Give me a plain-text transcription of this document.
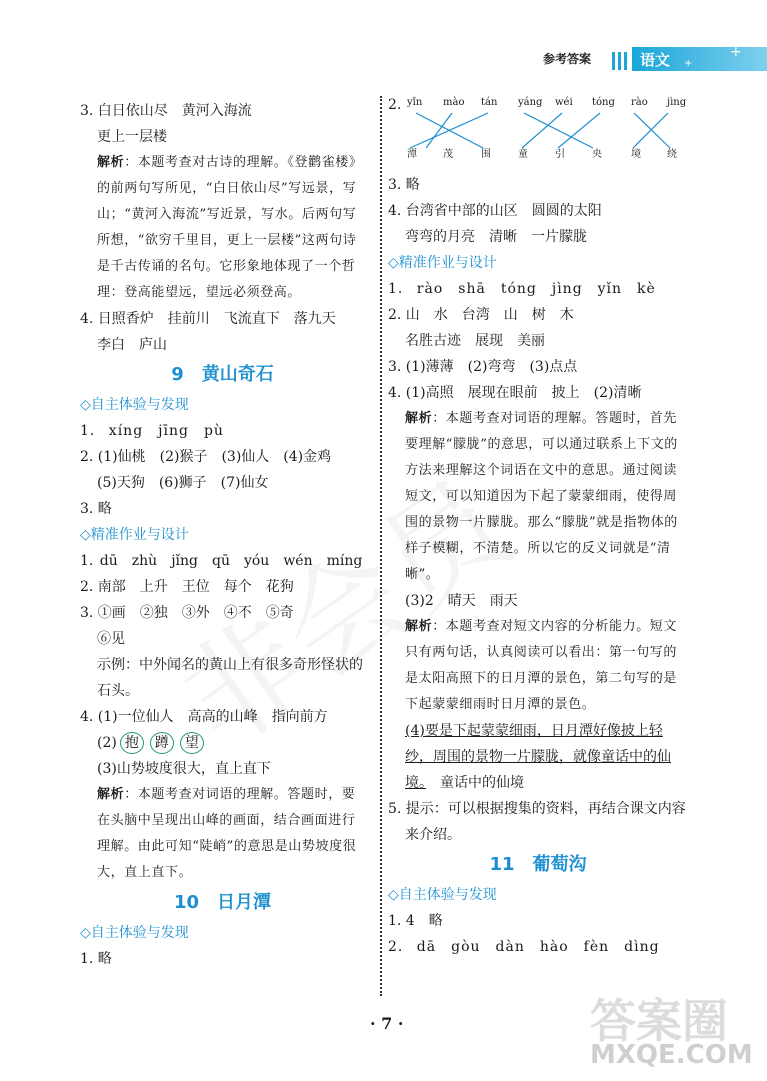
参考答案	语文	+
+
3. 白日依山尽　黄河入海流
更上一层楼
解析：本题考查对古诗的理解。《登鹳雀楼》的前两句写所见，“白日依山尽”写远景，写山；“黄河入海流”写近景，写水。后两句写所想，“欲穷千里目，更上一层楼”这两句诗是千古传诵的名句。它形象地体现了一个哲理：登高能望远，望远必须登高。
4. 日照香炉　挂前川　飞流直下　落九天
李白　庐山
9 黄山奇石
◇自主体验与发现
1. xíng　jīng　pù
2. (1)仙桃　(2)猴子　(3)仙人　(4)金鸡
(5)天狗　(6)狮子　(7)仙女
3. 略
◇精准作业与设计
1. dū　zhù　jǐng　qū　yóu　wén　míng
2. 南部　上升　王位　每个　花狗
3. ①画　②独　③外　④不　⑤奇
⑥见
示例：中外闻名的黄山上有很多奇形怪状的石头。
4. (1)一位仙人　高高的山峰　指向前方
(2) 抱 蹲 望
(3)山势坡度很大，直上直下
解析：本题考查对词语的理解。答题时，要在头脑中呈现出山峰的画面，结合画面进行理解。由此可知“陡峭”的意思是山势坡度很大，直上直下。
10 日月潭
◇自主体验与发现
1. 略
2. yǐn mào tán yáng wéi tóng rào jìng
潭	茂	围	童	引	央	境	绕
3. 略
4. 台湾省中部的山区　圆圆的太阳
弯弯的月亮　清晰　一片朦胧
◇精准作业与设计
1. rào　shā　tóng　jìng　yǐn　kè
2. 山　水　台湾　山　树　木
名胜古迹　展现　美丽
3. (1)薄薄　(2)弯弯　(3)点点
4. (1)高照　展现在眼前　披上　(2)清晰
解析：本题考查对词语的理解。答题时，首先要理解“朦胧”的意思，可以通过联系上下文的方法来理解这个词语在文中的意思。通过阅读短文，可以知道因为下起了蒙蒙细雨，使得周围的景物一片朦胧。那么“朦胧”就是指物体的样子模糊，不清楚。所以它的反义词就是“清晰”。
(3)2　晴天　雨天
解析：本题考查对短文内容的分析能力。短文只有两句话，认真阅读可以看出：第一句写的是太阳高照下的日月潭的景色，第二句写的是下起蒙蒙细雨时日月潭的景色。
(4)要是下起蒙蒙细雨，日月潭好像披上轻纱，周围的景物一片朦胧，就像童话中的仙境。　童话中的仙境
5. 提示：可以根据搜集的资料，再结合课文内容来介绍。
11 葡萄沟
◇自主体验与发现
1. 4　略
2. dā　gòu　dàn　hào　fèn　dìng
· 7 ·	答案圈
MXQE.COM
